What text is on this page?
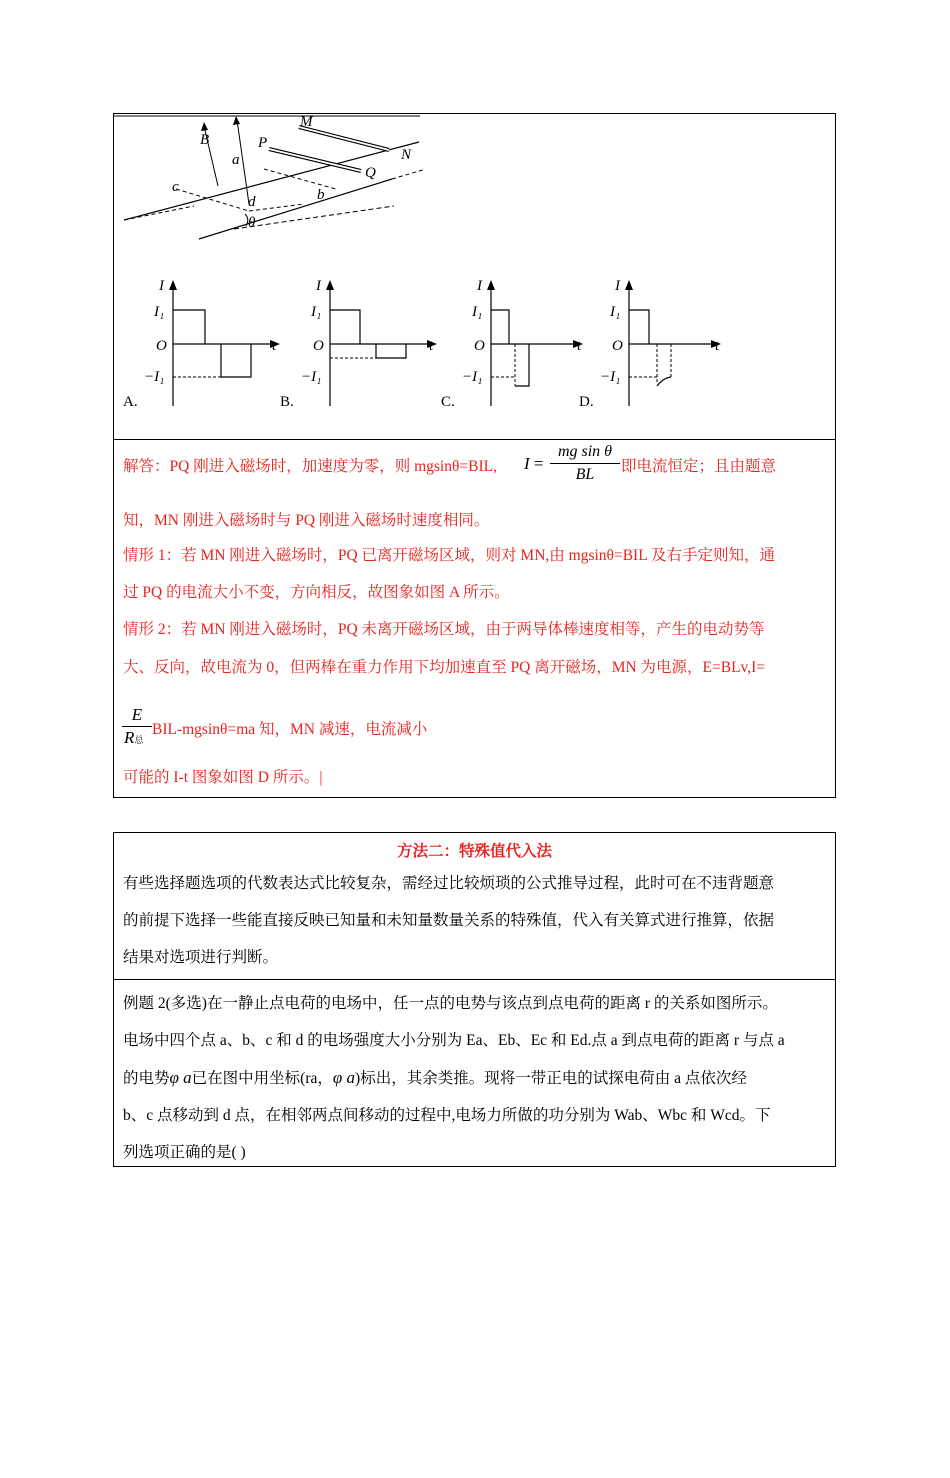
B
a
P
M
N
Q
c
d	b
θ
I
t
O
I₁
−I₁
I
t
O
I₁
−I₁
I
t
O
I₁
−I₁
I
t
O
I₁
−I₁
A.	B.	C.	D.
解答：PQ 刚进入磁场时，加速度为零，则 mgsinθ=BIL, $I = \frac{\text{mg sin θ}}{BL}$ 即电流恒定；且由题意
知，MN 刚进入磁场时与 PQ 刚进入磁场时速度相同。
情形 1：若 MN 刚进入磁场时，PQ 已离开磁场区域，则对 MN,由 mgsinθ=BIL 及右手定则知，通
过 PQ 的电流大小不变，方向相反，故图象如图 A 所示。
情形 2：若 MN 刚进入磁场时，PQ 未离开磁场区域，由于两导体棒速度相等，产生的电动势等
大、反向，故电流为 0，但两棒在重力作用下均加速直至 PQ 离开磁场，MN 为电源，E=BLv,I=
E
R总
BIL-mgsinθ=ma 知，MN 减速，电流减小
可能的 I-t 图象如图 D 所示。|
方法二：特殊值代入法
有些选择题选项的代数表达式比较复杂，需经过比较烦琐的公式推导过程，此时可在不违背题意
的前提下选择一些能直接反映已知量和未知量数量关系的特殊值，代入有关算式进行推算，依据
结果对选项进行判断。
例题 2(多选)在一静止点电荷的电场中，任一点的电势与该点到点电荷的距离 r 的关系如图所示。
电场中四个点 a、b、c 和 d 的电场强度大小分别为 Ea、Eb、Ec 和 Ed.点 a 到点电荷的距离 r 与点 a
的电势φ a已在图中用坐标(ra，φ a)标出，其余类推。现将一带正电的试探电荷由 a 点依次经
b、c 点移动到 d 点，在相邻两点间移动的过程中,电场力所做的功分别为 Wab、Wbc 和 Wcd。下
列选项正确的是( )
